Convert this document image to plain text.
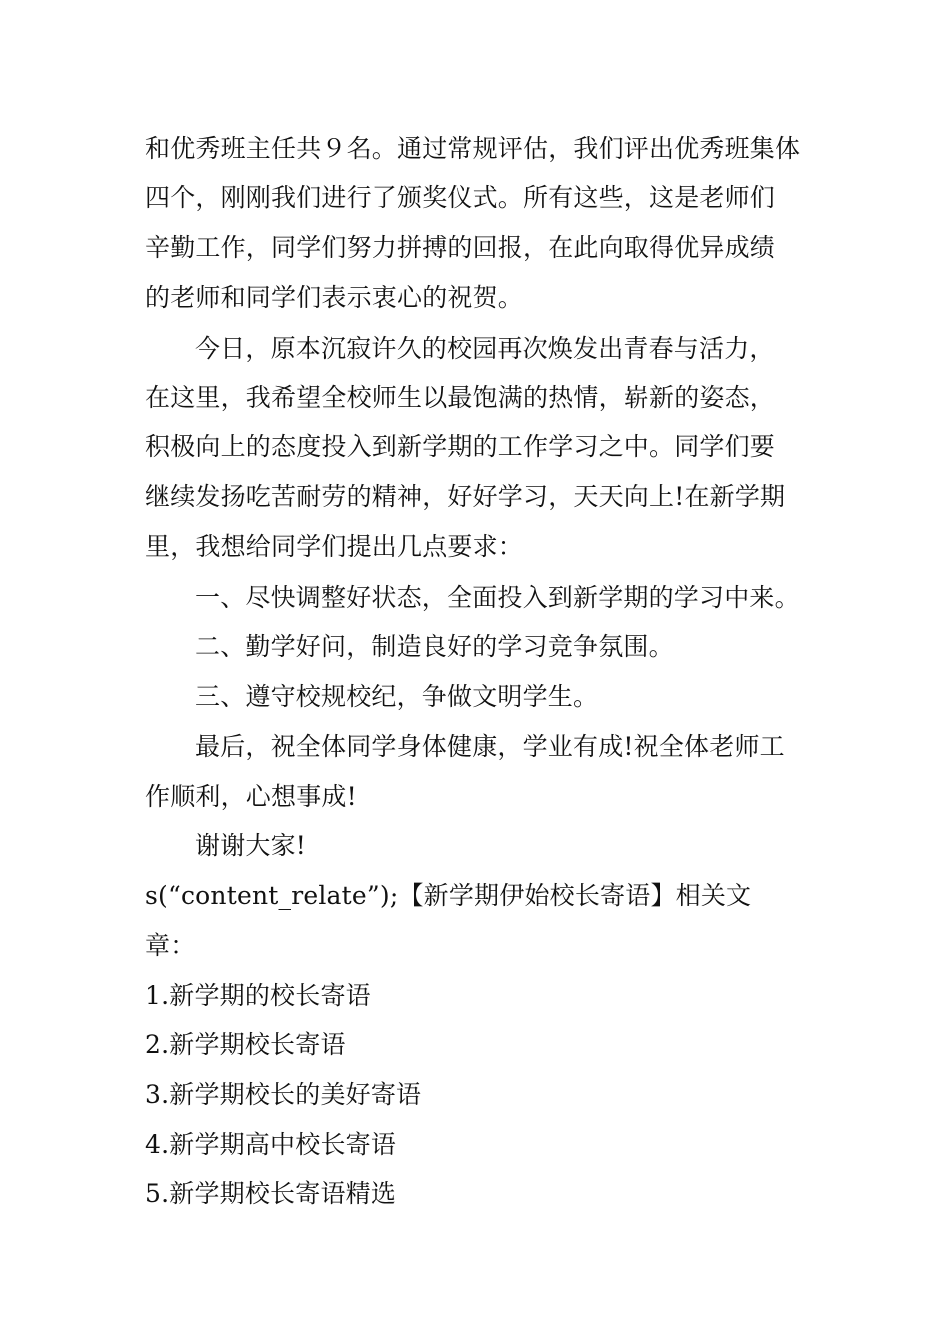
和优秀班主任共９名。通过常规评估，我们评出优秀班集体
四个，刚刚我们进行了颁奖仪式。所有这些，这是老师们
辛勤工作，同学们努力拼搏的回报，在此向取得优异成绩
的老师和同学们表示衷心的祝贺。
今日，原本沉寂许久的校园再次焕发出青春与活力，
在这里，我希望全校师生以最饱满的热情，崭新的姿态，
积极向上的态度投入到新学期的工作学习之中。同学们要
继续发扬吃苦耐劳的精神，好好学习，天天向上!在新学期
里，我想给同学们提出几点要求：
一、尽快调整好状态，全面投入到新学期的学习中来。
二、勤学好问，制造良好的学习竞争氛围。
三、遵守校规校纪，争做文明学生。
最后，祝全体同学身体健康，学业有成!祝全体老师工
作顺利，心想事成!
谢谢大家!
s(“content_relate”);【新学期伊始校长寄语】相关文
章：
1.新学期的校长寄语
2.新学期校长寄语
3.新学期校长的美好寄语
4.新学期高中校长寄语
5.新学期校长寄语精选
